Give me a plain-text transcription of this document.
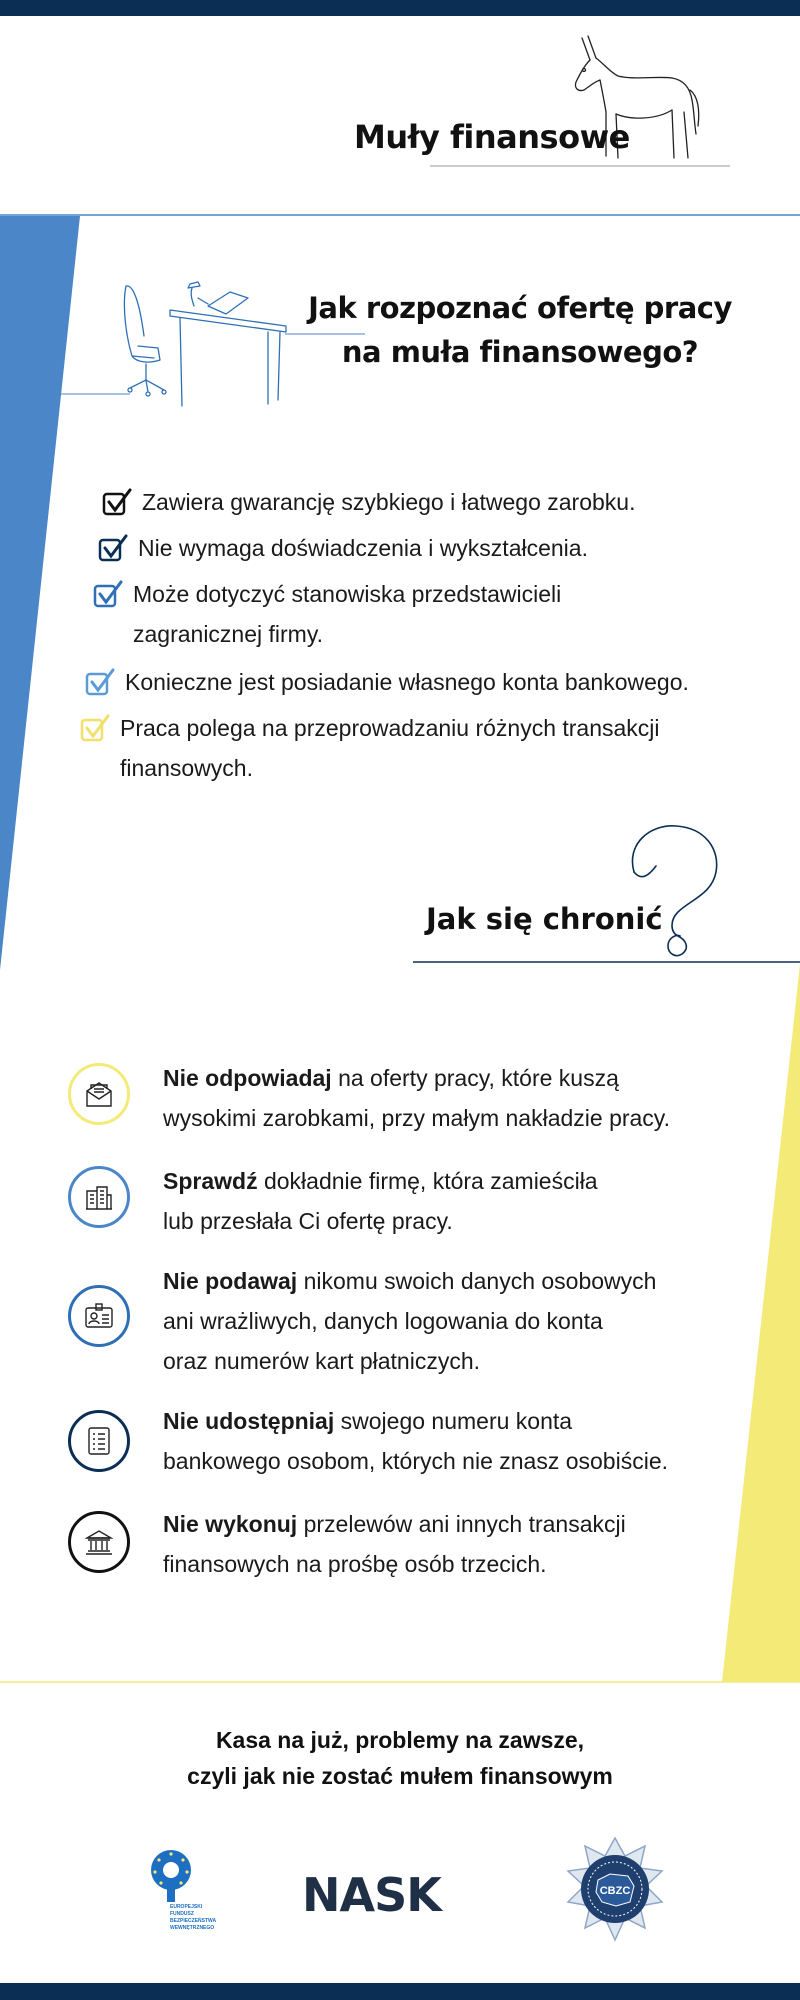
Muły finansowe
Jak rozpoznać ofertę pracy
na muła finansowego?
Zawiera gwarancję szybkiego i łatwego zarobku.
Nie wymaga doświadczenia i wykształcenia.
Może dotyczyć stanowiska przedstawicieli
zagranicznej firmy.
Konieczne jest posiadanie własnego konta bankowego.
Praca polega na przeprowadzaniu różnych transakcji
finansowych.
Jak się chronić
Nie odpowiadaj na oferty pracy, które kuszą
wysokimi zarobkami, przy małym nakładzie pracy.
Sprawdź dokładnie firmę, która zamieściła
lub przesłała Ci ofertę pracy.
Nie podawaj nikomu swoich danych osobowych
ani wrażliwych, danych logowania do konta
oraz numerów kart płatniczych.
Nie udostępniaj swojego numeru konta
bankowego osobom, których nie znasz osobiście.
Nie wykonuj przelewów ani innych transakcji
finansowych na prośbę osób trzecich.
Kasa na już, problemy na zawsze,
czyli jak nie zostać mułem finansowym
EUROPEJSKI
FUNDUSZ
BEZPIECZEŃSTWA
WEWNĘTRZNEGO
NASK	CBZC
